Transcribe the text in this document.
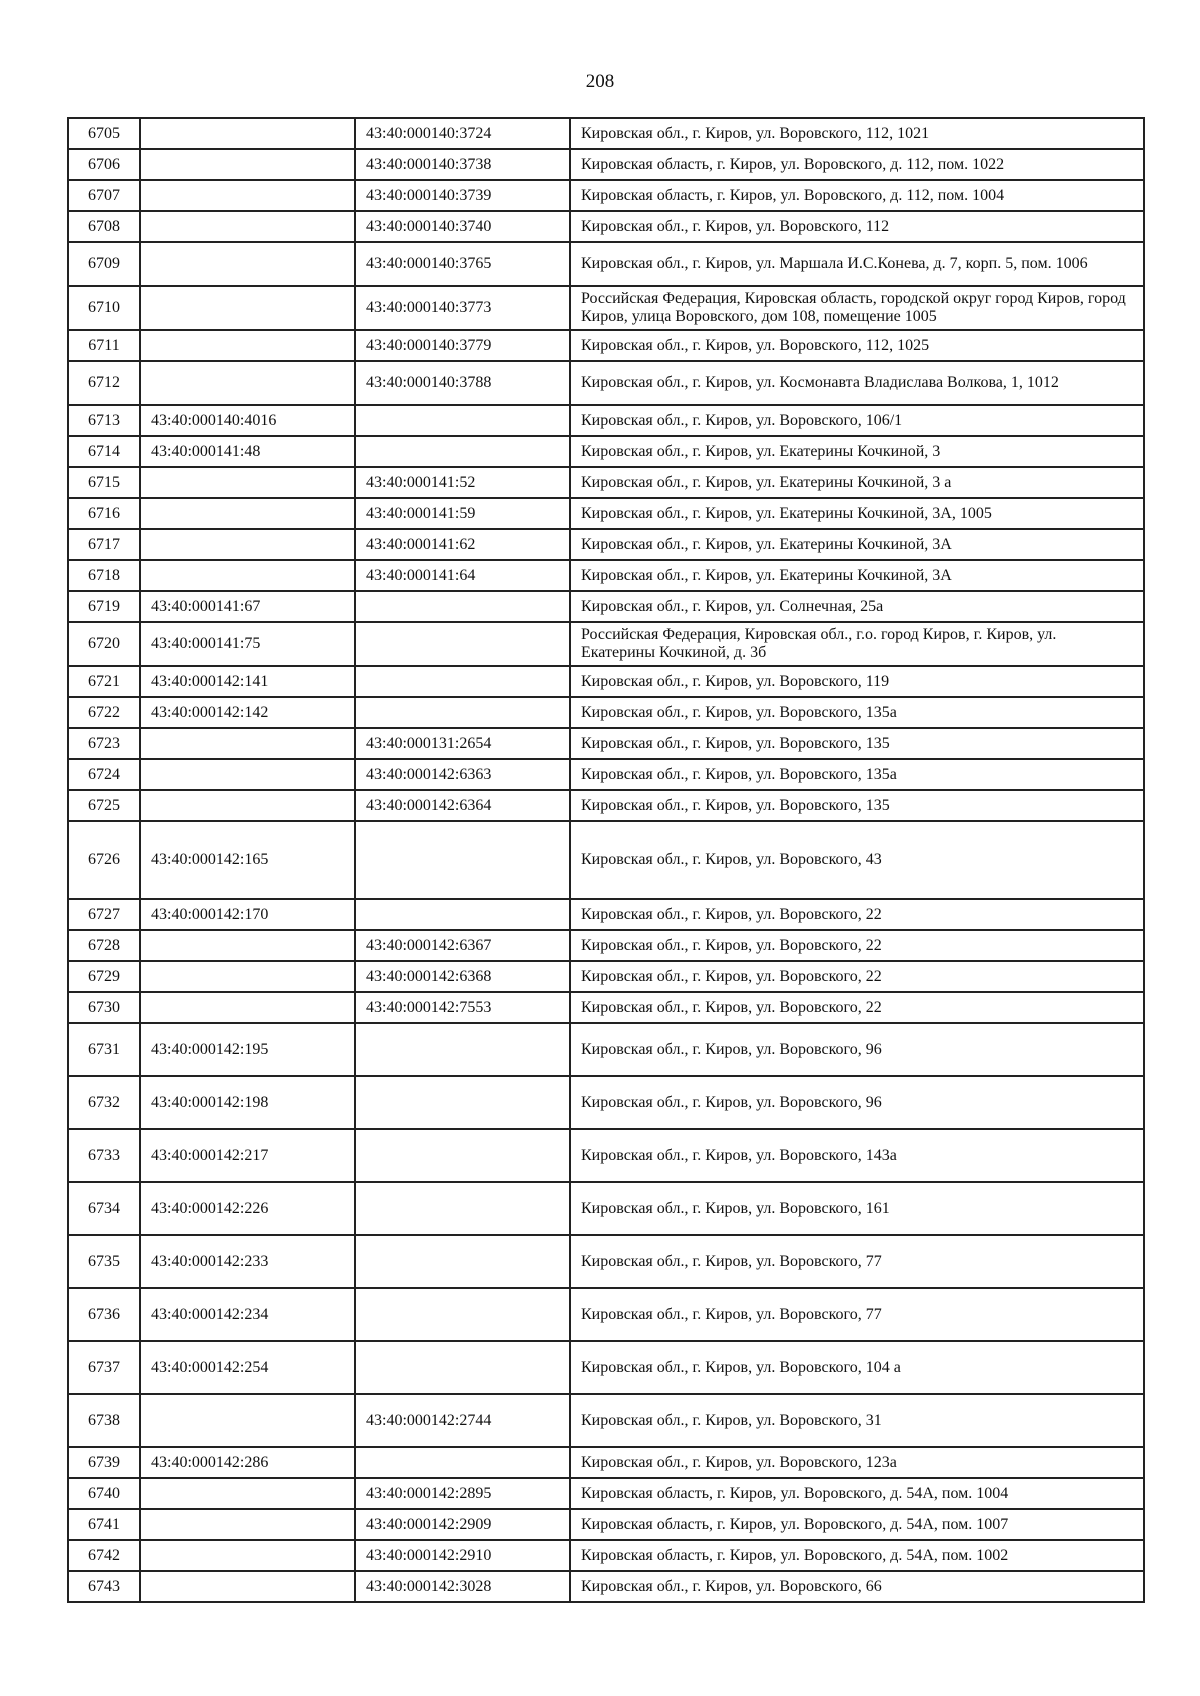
208
6705		43:40:000140:3724	Кировская обл., г. Киров, ул. Воровского, 112, 1021
6706		43:40:000140:3738	Кировская область, г. Киров, ул. Воровского, д. 112, пом. 1022
6707		43:40:000140:3739	Кировская область, г. Киров, ул. Воровского, д. 112, пом. 1004
6708		43:40:000140:3740	Кировская обл., г. Киров, ул. Воровского, 112
6709		43:40:000140:3765	Кировская обл., г. Киров, ул. Маршала И.С.Конева, д. 7, корп. 5, пом. 1006
6710		43:40:000140:3773	Российская Федерация, Кировская область, городской округ город Киров, город Киров, улица Воровского, дом 108, помещение 1005
6711		43:40:000140:3779	Кировская обл., г. Киров, ул. Воровского, 112, 1025
6712		43:40:000140:3788	Кировская обл., г. Киров, ул. Космонавта Владислава Волкова, 1, 1012
6713	43:40:000140:4016		Кировская обл., г. Киров, ул. Воровского, 106/1
6714	43:40:000141:48		Кировская обл., г. Киров, ул. Екатерины Кочкиной, 3
6715		43:40:000141:52	Кировская обл., г. Киров, ул. Екатерины Кочкиной, 3 а
6716		43:40:000141:59	Кировская обл., г. Киров, ул. Екатерины Кочкиной, 3А, 1005
6717		43:40:000141:62	Кировская обл., г. Киров, ул. Екатерины Кочкиной, 3А
6718		43:40:000141:64	Кировская обл., г. Киров, ул. Екатерины Кочкиной, 3А
6719	43:40:000141:67		Кировская обл., г. Киров, ул. Солнечная, 25а
6720	43:40:000141:75		Российская Федерация, Кировская обл., г.о. город Киров, г. Киров, ул. Екатерины Кочкиной, д. 3б
6721	43:40:000142:141		Кировская обл., г. Киров, ул. Воровского, 119
6722	43:40:000142:142		Кировская обл., г. Киров, ул. Воровского, 135а
6723		43:40:000131:2654	Кировская обл., г. Киров, ул. Воровского, 135
6724		43:40:000142:6363	Кировская обл., г. Киров, ул. Воровского, 135а
6725		43:40:000142:6364	Кировская обл., г. Киров, ул. Воровского, 135
6726	43:40:000142:165		Кировская обл., г. Киров, ул. Воровского, 43
6727	43:40:000142:170		Кировская обл., г. Киров, ул. Воровского, 22
6728		43:40:000142:6367	Кировская обл., г. Киров, ул. Воровского, 22
6729		43:40:000142:6368	Кировская обл., г. Киров, ул. Воровского, 22
6730		43:40:000142:7553	Кировская обл., г. Киров, ул. Воровского, 22
6731	43:40:000142:195		Кировская обл., г. Киров, ул. Воровского, 96
6732	43:40:000142:198		Кировская обл., г. Киров, ул. Воровского, 96
6733	43:40:000142:217		Кировская обл., г. Киров, ул. Воровского, 143а
6734	43:40:000142:226		Кировская обл., г. Киров, ул. Воровского, 161
6735	43:40:000142:233		Кировская обл., г. Киров, ул. Воровского, 77
6736	43:40:000142:234		Кировская обл., г. Киров, ул. Воровского, 77
6737	43:40:000142:254		Кировская обл., г. Киров, ул. Воровского, 104 а
6738		43:40:000142:2744	Кировская обл., г. Киров, ул. Воровского, 31
6739	43:40:000142:286		Кировская обл., г. Киров, ул. Воровского, 123а
6740		43:40:000142:2895	Кировская область, г. Киров, ул. Воровского, д. 54А, пом. 1004
6741		43:40:000142:2909	Кировская область, г. Киров, ул. Воровского, д. 54А, пом. 1007
6742		43:40:000142:2910	Кировская область, г. Киров, ул. Воровского, д. 54А, пом. 1002
6743		43:40:000142:3028	Кировская обл., г. Киров, ул. Воровского, 66
